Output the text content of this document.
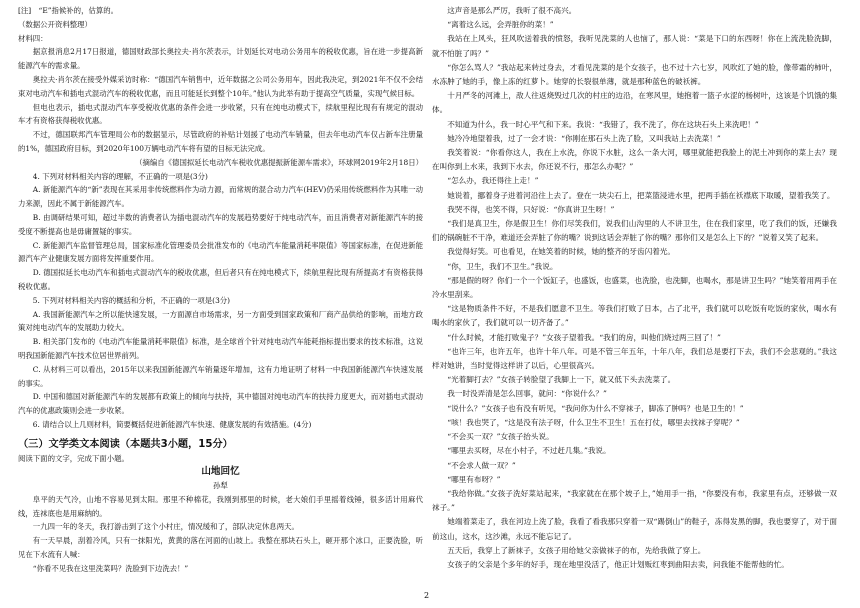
[注]　“E”指候补的，估算的。

（数据公开资料整理）

材料四：

据京报消息2月17日报道，德国财政部长奥拉夫·肖尔茨表示，计划延长对电动公务用车的税收优惠，旨在进一步提高新能源汽车的需求量。

奥拉夫·肖尔茨在接受外媒采访时称：“德国汽车销售中，近年数据之公司公务用车，因此我决定，到2021年不仅不会结束对电动汽车和插电式混动汽车的税收优惠，而且可能延长到整个10年。”他认为此举有助于提高空气质量，实现气候目标。

但电也表示，插电式混动汽车享受税收优惠的条件会进一步收紧，只有在纯电动模式下，续航里程比现有有规定的混动车才有资格获得税收优惠。

不过，德国联邦汽车管理局公布的数据显示，尽管政府的补贴计划援了电动汽车销量，但去年电动汽车仅占新车注册量的1%，德国政府目标，到2020年100万辆电动汽车将有望的目标无法完成。

（摘编自《德国拟延长电动汽车税收优惠提振新能源车需求》，环球网2019年2月18日）

4. 下列对材料相关内容的理解，不正确的一项是(3分)

A. 新能源汽车的“新”表现在其采用非传统燃料作为动力源，而常规的混合动力汽车(HEV)仍采用传统燃料作为其唯一动力来源，因此不属于新能源汽车。

B. 由调研结果可知，超过半数的消费者认为插电混动汽车的发展趋势要好于纯电动汽车，而且消费者对新能源汽车的接受度不断提高也是毋庸置疑的事实。

C. 新能源汽车监督管理总局，国家标准化管理委员会批准发布的《电动汽车能量消耗率限值》等国家标准，在促进新能源汽车产业健康发展方面将发挥重要作用。

D. 德国拟延长电动汽车和插电式混动汽车的税收优惠，但后者只有在纯电模式下，续航里程比现有所提高才有资格获得税收优惠。

5. 下列对材料相关内容的概括和分析，不正确的一项是(3分)

A. 我国新能源汽车之所以能快速发展，一方面源自市场需求，另一方面受到国家政策和厂商产品供给的影响，而地方政策对纯电动汽车的发展助力较大。

B. 相关部门发布的《电动汽车能量消耗率限值》标准，是全球首个针对纯电动汽车能耗指标提出要求的技术标准，这说明我国新能源汽车技术位居世界前列。

C. 从材料三可以看出，2015年以来我国新能源汽车销量逐年增加，这有力地证明了材料一中我国新能源汽车快速发展的事实。

D. 中国和德国对新能源汽车的发展都有政策上的倾向与扶持，其中德国对纯电动汽车的扶持力度更大，而对插电式混动汽车的优惠政策则会进一步收紧。

6. 请结合以上几则材料，简要概括促进新能源汽车快速、健康发展的有效措施。(4分)

（三）文学类文本阅读（本题共3小题，15分）

阅读下面的文字，完成下面小题。

山地回忆

孙犁

阜平的天气冷，山地不容易见到太阳。那里不种棉花，我刚到那里的时候，老大娘们手里摇着线锤，很多活计用麻代线，连袜底也是用麻纳的。

一九四一年的冬天，我打游击到了这个小村庄，情况缓和了，部队决定休息两天。

有一天早晨，刮着冷风，只有一抹阳光，黄黄的落在河面的山坡上。我整在那块石头上，砸开那个冰口，正要洗脸，听见在下水流有人喊：

“你看不见我在这里洗菜吗？洗脸到下边洗去！”

这声音是那么严厉，我听了很不高兴。

“离着这么远，会弄脏你的菜！”

我站在上风头，狂风吹送着我的愤怒，我听见洗菜的人也恼了，那人说：“菜是下口的东西呀！你在上流洗脸洗脚，就不怕脏了吗？”

“你怎么骂人？”我站起来转过身去，才看见洗菜的是个女孩子，也不过十六七岁，风吹红了她的脸，像带霜的柿叶，水冻肿了她的手，像上冻的红萝卜。她穿的长裂很单薄，就是那种蓝色的破袄裤。

十月严冬的河滩上，敌人往返烧毁过几次的村庄的边沿，在寒风里，她抱着一篮子水涩的杨树叶，这该是个饥饿的集体。

不知道为什么，我一时心平气和下来。我说：“我错了，我不洗了，你在这块石头上来洗吧！”

她冷冷地望着我，过了一会才说：“你刚在那石头上洗了脸，又叫我站上去洗菜！”

我笑着说：“你看你这人，我在上水洗，你说下水脏，这么一条大河，哪里就能把我脸上的泥土冲到你的菜上去？现在叫你到上水来，我到下水去，你还说不行，那怎么办呢？”

“怎么办，我还得往上走！”

她说着，挪着身子进着河沿往上去了。登在一块尖石上，把菜篮浸进水里，把两手插在袄襟底下取暖，望着我笑了。

我哭不得，也笑不得，只好说：“你真讲卫生呀！”

“我们是真卫生，你是假卫生！你们尽笑我们，说我们山沟里的人不讲卫生，住在我们家里，吃了我们的饭，还嫌我们的锅碗脏不干净，难道还会弄脏了你的嘴？说到这话会弄脏了你的嘴？那你们又是怎么上下的？”说着又笑了起来。

我觉得好笑。可也看见，在她笑着的时候，她的整齐的牙齿闪着光。

“你，卫生，我们不卫生。”我说。

“那是假的呀？你们一个一个饭缸子，也盛饭，也盛菜，也洗脸，也洗脚，也喝水，那是讲卫生吗？”她笑着用两手在冷水里刮来。

“这是物质条件不好，不是我们愿意不卫生。等我们打败了日本，占了北平，我们就可以吃饭有吃饭的家伙，喝水有喝水的家伙了，我们就可以一切齐备了。”

“什么时候，才能打败鬼子？”女孩子望着我。“我们的房，叫他们烧过两三回了！”

“也许三年，也许五年，也许十年八年。可是不管三年五年，十年八年，我们总是要打下去，我们不会悲观的。”我这样对她讲，当时觉得这样讲了以后，心里很高兴。

“光着脚打去？”女孩子转脸望了我脚上一下，就又低下头去洗菜了。

我一时没弄清是怎么回事，就问：“你说什么？”

“说什么？”女孩子也有没有听见，“我问你为什么不穿袜子，脚冻了肿吗？也是卫生的！”

“咳！我也哭了，“这是没有法子呀，什么卫生不卫生！五在打仗，哪里去找袜子穿呢？”

“不会买一双？”女孩子抬头说。

“哪里去买呀，尽在小村子，不过赶几集。”我说。

“不会求人做一双？”

“哪里有布呀？”

“我给你做。”女孩子洗好菜站起来，“我家就在在那个坡子上，”她用手一指，“你要没有布，我家里有点，还够做一双袜子。”

她端着菜走了，我在河边上洗了脸，我看了看我那只穿着一双“踢倒山”的鞋子，冻得发黑的脚，我也要穿了，对于面前这山，这水，这沙滩，永远不能忘记了。

五天后，我穿上了新袜子，女孩子用给她父亲做袜子的布，先给我做了穿上。

女孩子的父亲是个多年的好手，现在地里没活了，他正计划贩红枣到曲阳去卖，问我能不能帮他的忙。

2
